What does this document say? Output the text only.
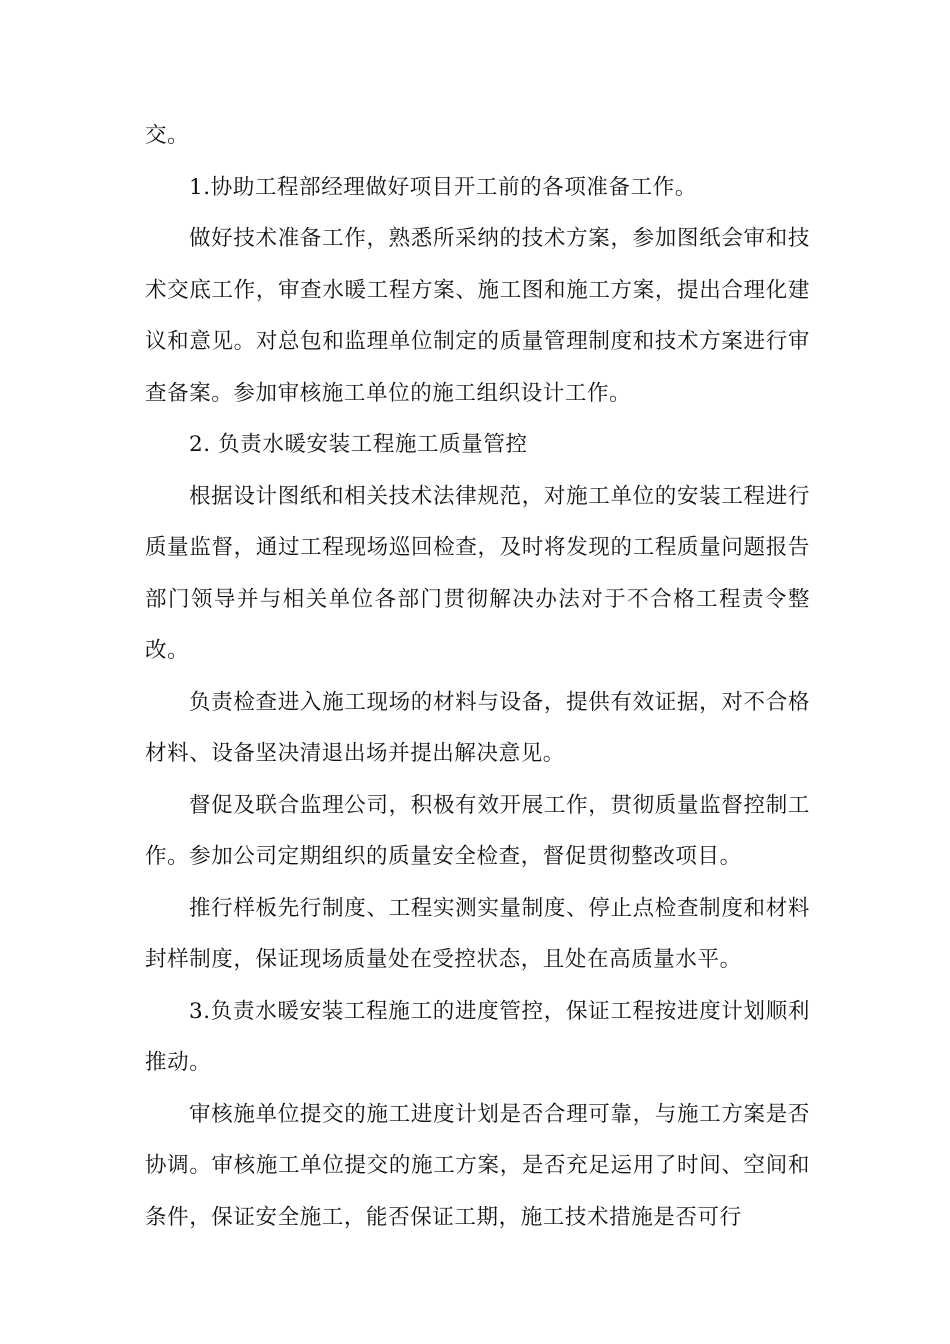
交。

1.协助工程部经理做好项目开工前的各项准备工作。

做好技术准备工作，熟悉所采纳的技术方案，参加图纸会审和技术交底工作，审查水暖工程方案、施工图和施工方案，提出合理化建议和意见。对总包和监理单位制定的质量管理制度和技术方案进行审查备案。参加审核施工单位的施工组织设计工作。

2. 负责水暖安装工程施工质量管控

根据设计图纸和相关技术法律规范，对施工单位的安装工程进行质量监督，通过工程现场巡回检查，及时将发现的工程质量问题报告部门领导并与相关单位各部门贯彻解决办法对于不合格工程责令整改。

负责检查进入施工现场的材料与设备，提供有效证据，对不合格材料、设备坚决清退出场并提出解决意见。

督促及联合监理公司，积极有效开展工作，贯彻质量监督控制工作。参加公司定期组织的质量安全检查，督促贯彻整改项目。

推行样板先行制度、工程实测实量制度、停止点检查制度和材料封样制度，保证现场质量处在受控状态，且处在高质量水平。

3.负责水暖安装工程施工的进度管控，保证工程按进度计划顺利推动。

审核施单位提交的施工进度计划是否合理可靠，与施工方案是否协调。审核施工单位提交的施工方案，是否充足运用了时间、空间和条件，保证安全施工，能否保证工期，施工技术措施是否可行
